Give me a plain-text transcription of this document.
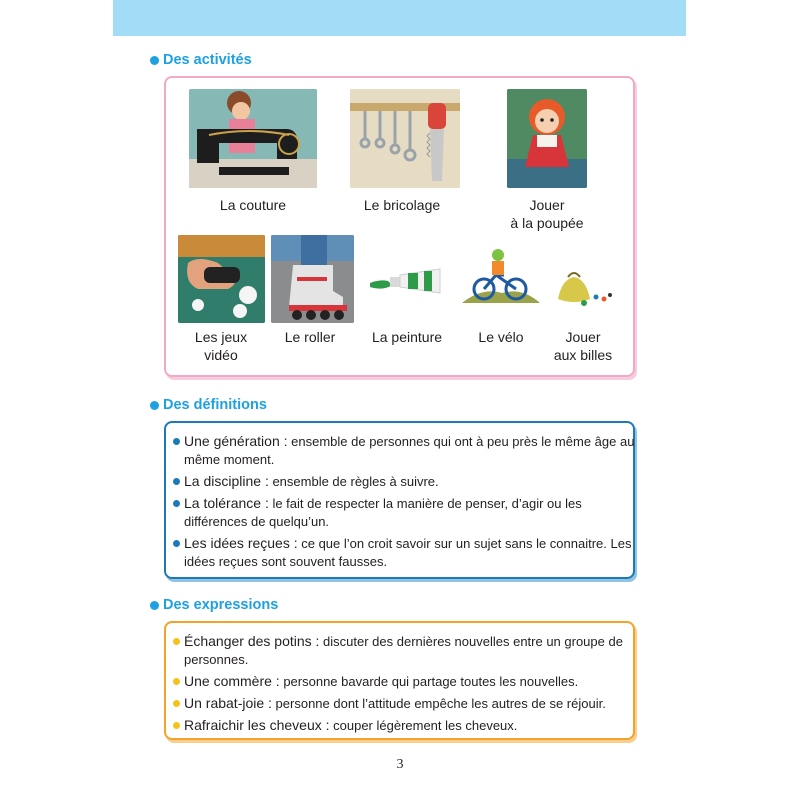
Des activités
La couture	Le bricolage	Jouer
à la poupée
Les jeux
vidéo
Le roller	La peinture	Le vélo	Jouer
aux billes
Des définitions
Une génération : ensemble de personnes qui ont à peu près le même âge au même moment.
La discipline : ensemble de règles à suivre.
La tolérance : le fait de respecter la manière de penser, d’agir ou les différences de quelqu’un.
Les idées reçues : ce que l’on croit savoir sur un sujet sans le connaitre. Les idées reçues sont souvent fausses.
Des expressions
Échanger des potins : discuter des dernières nouvelles entre un groupe de personnes.
Une commère : personne bavarde qui partage toutes les nouvelles.
Un rabat-joie : personne dont l’attitude empêche les autres de se réjouir.
Rafraichir les cheveux : couper légèrement les cheveux.
3
